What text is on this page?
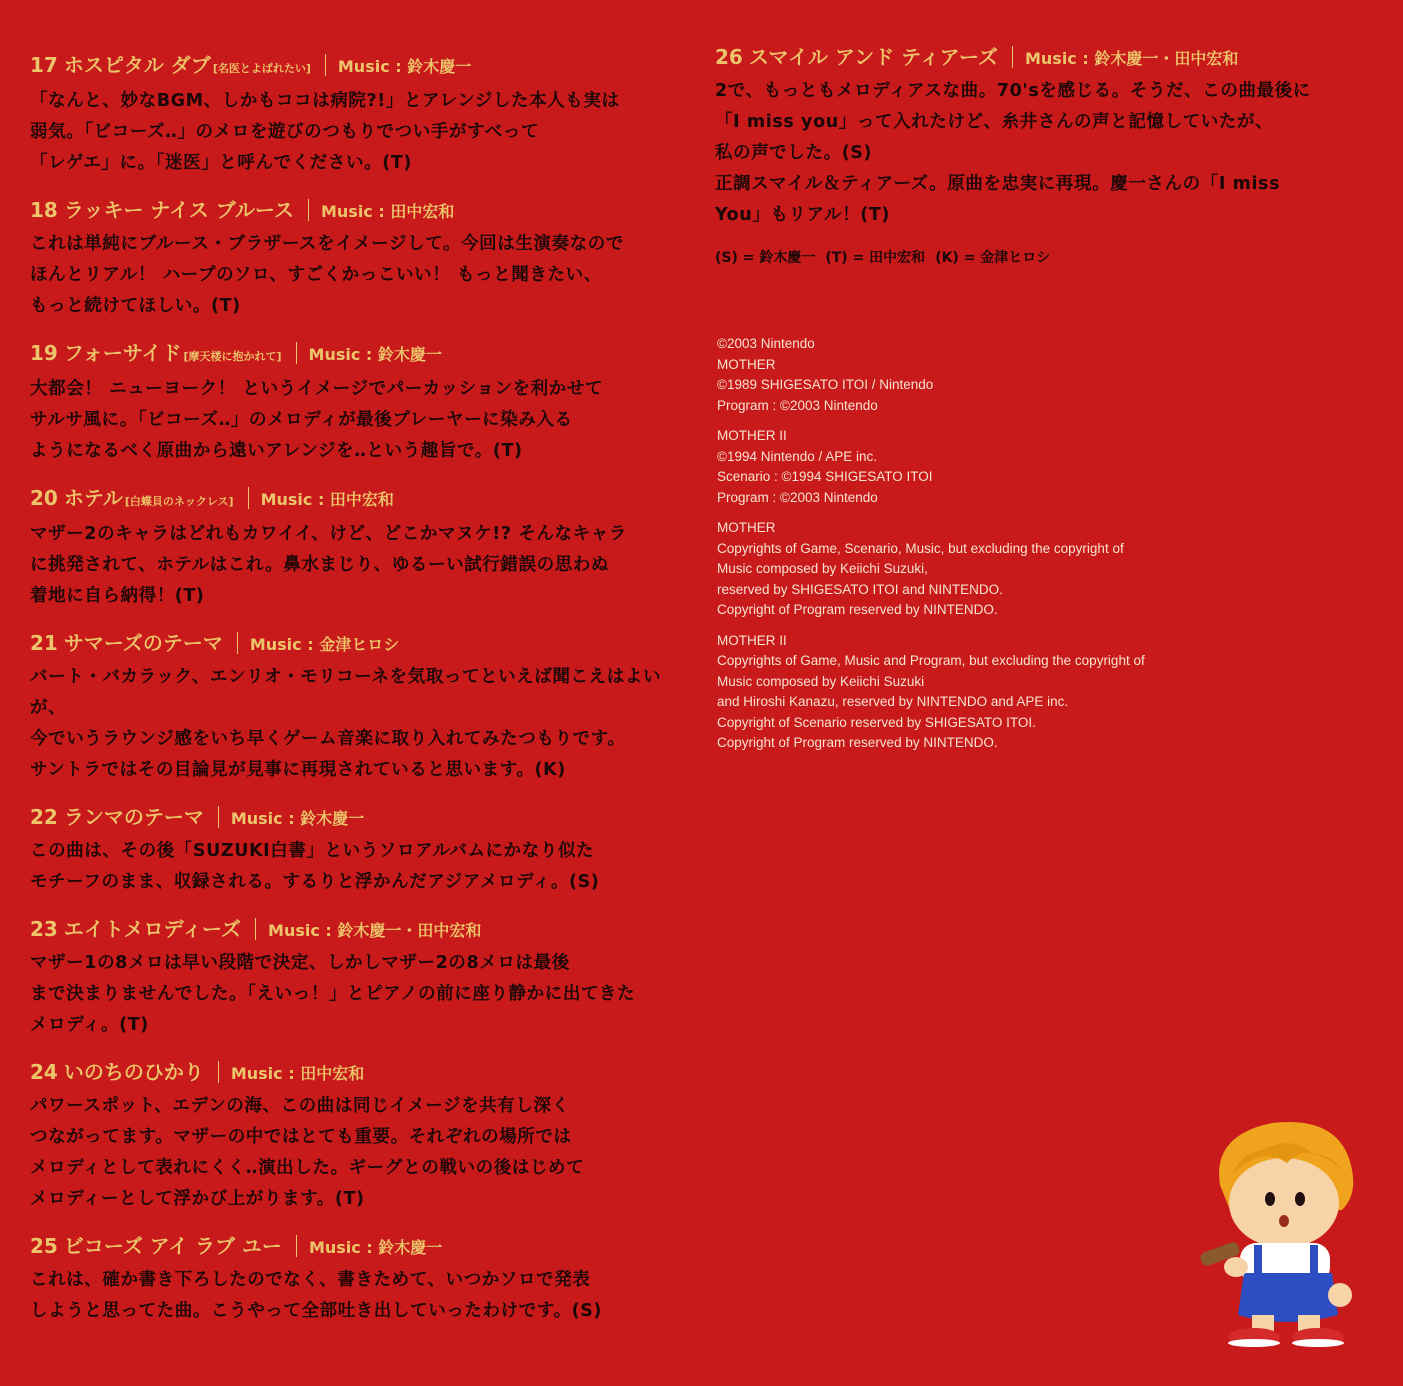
17 ホスピタル ダブ [名医とよばれたい] Music : 鈴木慶一
「なんと、妙なBGM、しかもココは病院?!」とアレンジした本人も実は
弱気。「ビコーズ‥」のメロを遊びのつもりでつい手がすべって
「レゲエ」に。「迷医」と呼んでください。(T)
18 ラッキー ナイス ブルース Music : 田中宏和
これは単純にブルース・ブラザースをイメージして。今回は生演奏なので
ほんとリアル！ ハープのソロ、すごくかっこいい！ もっと聞きたい、
もっと続けてほしい。(T)
19 フォーサイド [摩天楼に抱かれて] Music : 鈴木慶一
大都会！ ニューヨーク！ というイメージでパーカッションを利かせて
サルサ風に。「ビコーズ‥」のメロディが最後プレーヤーに染み入る
ようになるべく原曲から遠いアレンジを‥という趣旨で。(T)
20 ホテル [白蝶貝のネックレス] Music : 田中宏和
マザー2のキャラはどれもカワイイ、けど、どこかマヌケ!? そんなキャラ
に挑発されて、ホテルはこれ。鼻水まじり、ゆるーい試行錯誤の思わぬ
着地に自ら納得！(T)
21 サマーズのテーマ Music : 金津ヒロシ
バート・バカラック、エンリオ・モリコーネを気取ってといえば聞こえはよいが、
今でいうラウンジ感をいち早くゲーム音楽に取り入れてみたつもりです。
サントラではその目論見が見事に再現されていると思います。(K)
22 ランマのテーマ Music : 鈴木慶一
この曲は、その後「SUZUKI白書」というソロアルバムにかなり似た
モチーフのまま、収録される。するりと浮かんだアジアメロディ。(S)
23 エイトメロディーズ Music : 鈴木慶一・田中宏和
マザー1の8メロは早い段階で決定、しかしマザー2の8メロは最後
まで決まりませんでした。「えいっ！」とピアノの前に座り静かに出てきた
メロディ。(T)
24 いのちのひかり Music : 田中宏和
パワースポット、エデンの海、この曲は同じイメージを共有し深く
つながってます。マザーの中ではとても重要。それぞれの場所では
メロディとして表れにくく‥演出した。ギーグとの戦いの後はじめて
メロディーとして浮かび上がります。(T)
25 ビコーズ アイ ラブ ユー Music : 鈴木慶一
これは、確か書き下ろしたのでなく、書きためて、いつかソロで発表
しようと思ってた曲。こうやって全部吐き出していったわけです。(S)
26 スマイル アンド ティアーズ Music : 鈴木慶一・田中宏和
2で、もっともメロディアスな曲。70'sを感じる。そうだ、この曲最後に
「I miss you」って入れたけど、糸井さんの声と記憶していたが、
私の声でした。(S)
正調スマイル＆ティアーズ。原曲を忠実に再現。慶一さんの「I miss
You」もリアル！(T)
(S) = 鈴木慶一 (T) = 田中宏和 (K) = 金津ヒロシ
©2003 Nintendo
MOTHER
©1989 SHIGESATO ITOI / Nintendo
Program : ©2003 Nintendo
MOTHER II
©1994 Nintendo / APE inc.
Scenario : ©1994 SHIGESATO ITOI
Program : ©2003 Nintendo
MOTHER
Copyrights of Game, Scenario, Music, but excluding the copyright of
Music composed by Keiichi Suzuki,
reserved by SHIGESATO ITOI and NINTENDO.
Copyright of Program reserved by NINTENDO.
MOTHER II
Copyrights of Game, Music and Program, but excluding the copyright of
Music composed by Keiichi Suzuki
and Hiroshi Kanazu, reserved by NINTENDO and APE inc.
Copyright of Scenario reserved by SHIGESATO ITOI.
Copyright of Program reserved by NINTENDO.
